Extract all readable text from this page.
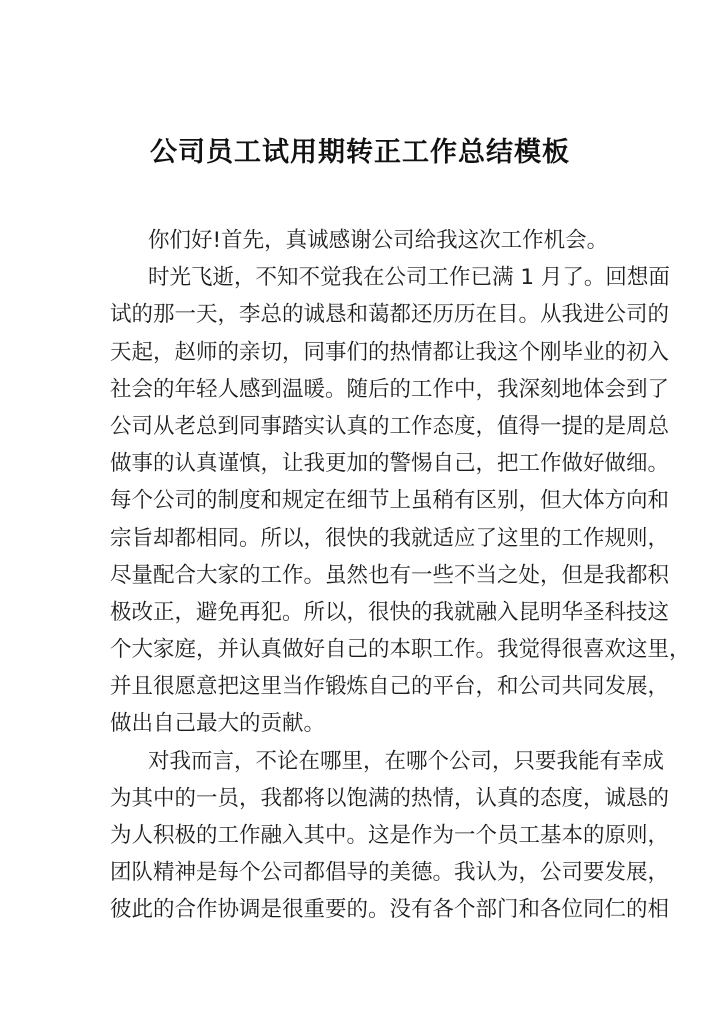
公司员工试用期转正工作总结模板
你们好!首先，真诚感谢公司给我这次工作机会。
时光飞逝，不知不觉我在公司工作已满 1 月了。回想面
试的那一天，李总的诚恳和蔼都还历历在目。从我进公司的
天起，赵师的亲切，同事们的热情都让我这个刚毕业的初入
社会的年轻人感到温暖。随后的工作中，我深刻地体会到了
公司从老总到同事踏实认真的工作态度，值得一提的是周总
做事的认真谨慎，让我更加的警惕自己，把工作做好做细。
每个公司的制度和规定在细节上虽稍有区别，但大体方向和
宗旨却都相同。所以，很快的我就适应了这里的工作规则，
尽量配合大家的工作。虽然也有一些不当之处，但是我都积
极改正，避免再犯。所以，很快的我就融入昆明华圣科技这
个大家庭，并认真做好自己的本职工作。我觉得很喜欢这里，
并且很愿意把这里当作锻炼自己的平台，和公司共同发展，
做出自己最大的贡献。
对我而言，不论在哪里，在哪个公司，只要我能有幸成
为其中的一员，我都将以饱满的热情，认真的态度，诚恳的
为人积极的工作融入其中。这是作为一个员工基本的原则，
团队精神是每个公司都倡导的美德。我认为，公司要发展，
彼此的合作协调是很重要的。没有各个部门和各位同仁的相
